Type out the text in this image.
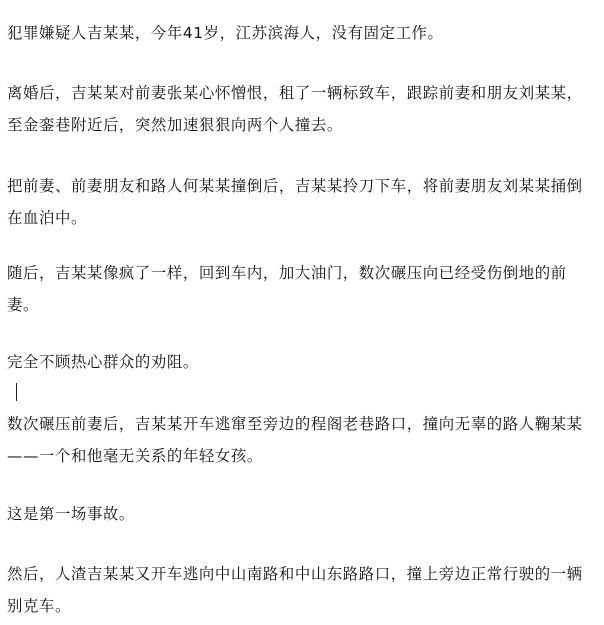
犯罪嫌疑人吉某某，今年41岁，江苏滨海人，没有固定工作。

离婚后，吉某某对前妻张某心怀憎恨，租了一辆标致车，跟踪前妻和朋友刘某某，至金銮巷附近后，突然加速狠狠向两个人撞去。

把前妻、前妻朋友和路人何某某撞倒后，吉某某拎刀下车，将前妻朋友刘某某捅倒在血泊中。

随后，吉某某像疯了一样，回到车内，加大油门，数次碾压向已经受伤倒地的前妻。

完全不顾热心群众的劝阻。

数次碾压前妻后，吉某某开车逃窜至旁边的程阁老巷路口，撞向无辜的路人鞠某某——一个和他毫无关系的年轻女孩。

这是第一场事故。

然后，人渣吉某某又开车逃向中山南路和中山东路路口，撞上旁边正常行驶的一辆别克车。
